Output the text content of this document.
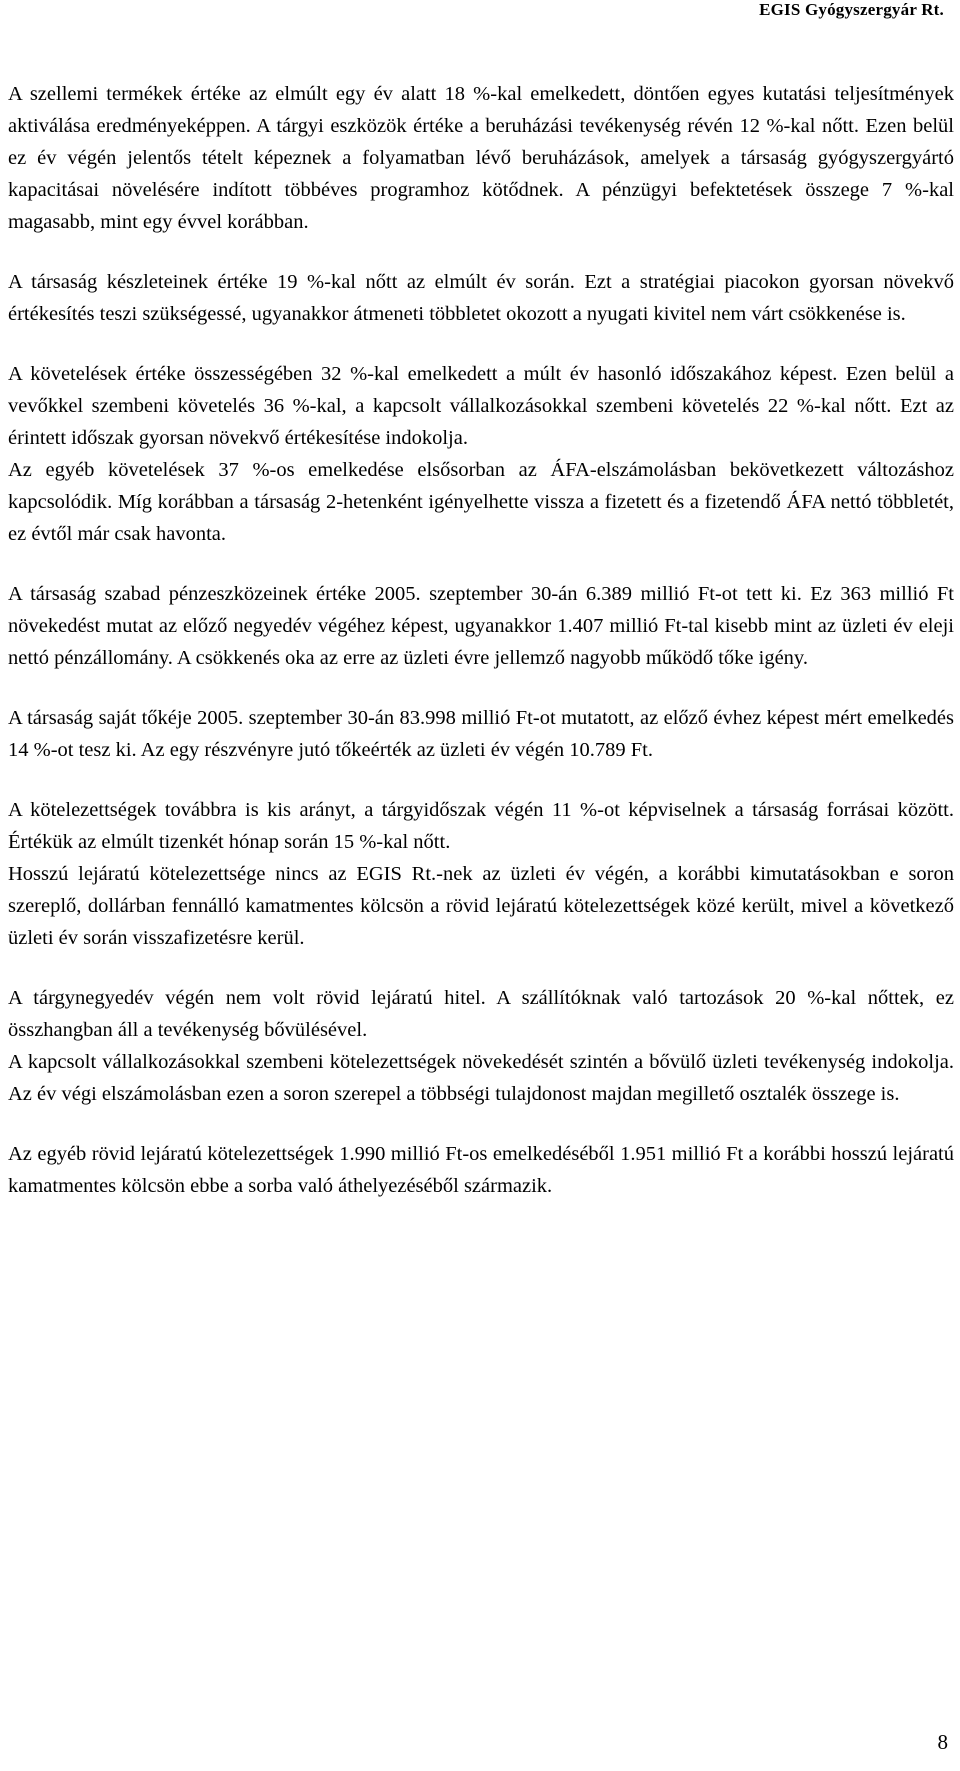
EGIS Gyógyszergyár Rt.

A szellemi termékek értéke az elmúlt egy év alatt 18 %-kal emelkedett, döntően egyes kutatási teljesítmények aktiválása eredményeképpen. A tárgyi eszközök értéke a beruházási tevékenység révén 12 %-kal nőtt. Ezen belül ez év végén jelentős tételt képeznek a folyamatban lévő beruházások, amelyek a társaság gyógyszergyártó kapacitásai növelésére indított többéves programhoz kötődnek. A pénzügyi befektetések összege 7 %-kal magasabb, mint egy évvel korábban.

A társaság készleteinek értéke 19 %-kal nőtt az elmúlt év során. Ezt a stratégiai piacokon gyorsan növekvő értékesítés teszi szükségessé, ugyanakkor átmeneti többletet okozott a nyugati kivitel nem várt csökkenése is.

A követelések értéke összességében 32 %-kal emelkedett a múlt év hasonló időszakához képest. Ezen belül a vevőkkel szembeni követelés 36 %-kal, a kapcsolt vállalkozásokkal szembeni követelés 22 %-kal nőtt. Ezt az érintett időszak gyorsan növekvő értékesítése indokolja.

Az egyéb követelések 37 %-os emelkedése elsősorban az ÁFA-elszámolásban bekövetkezett változáshoz kapcsolódik. Míg korábban a társaság 2-hetenként igényelhette vissza a fizetett és a fizetendő ÁFA nettó többletét, ez évtől már csak havonta.

A társaság szabad pénzeszközeinek értéke 2005. szeptember 30-án 6.389 millió Ft-ot tett ki. Ez 363 millió Ft növekedést mutat az előző negyedév végéhez képest, ugyanakkor 1.407 millió Ft-tal kisebb mint az üzleti év eleji nettó pénzállomány. A csökkenés oka az erre az üzleti évre jellemző nagyobb működő tőke igény.

A társaság saját tőkéje 2005. szeptember 30-án 83.998 millió Ft-ot mutatott, az előző évhez képest mért emelkedés 14 %-ot tesz ki. Az egy részvényre jutó tőkeérték az üzleti év végén 10.789 Ft.

A kötelezettségek továbbra is kis arányt, a tárgyidőszak végén 11 %-ot képviselnek a társaság forrásai között. Értékük az elmúlt tizenkét hónap során 15 %-kal nőtt.

Hosszú lejáratú kötelezettsége nincs az EGIS Rt.-nek az üzleti év végén, a korábbi kimutatásokban e soron szereplő, dollárban fennálló kamatmentes kölcsön a rövid lejáratú kötelezettségek közé került, mivel a következő üzleti év során visszafizetésre kerül.

A tárgynegyedév végén nem volt rövid lejáratú hitel. A szállítóknak való tartozások 20 %-kal nőttek, ez összhangban áll a tevékenység bővülésével.

A kapcsolt vállalkozásokkal szembeni kötelezettségek növekedését szintén a bővülő üzleti tevékenység indokolja. Az év végi elszámolásban ezen a soron szerepel a többségi tulajdonost majdan megillető osztalék összege is.

Az egyéb rövid lejáratú kötelezettségek 1.990 millió Ft-os emelkedéséből 1.951 millió Ft a korábbi hosszú lejáratú kamatmentes kölcsön ebbe a sorba való áthelyezéséből származik.

8
